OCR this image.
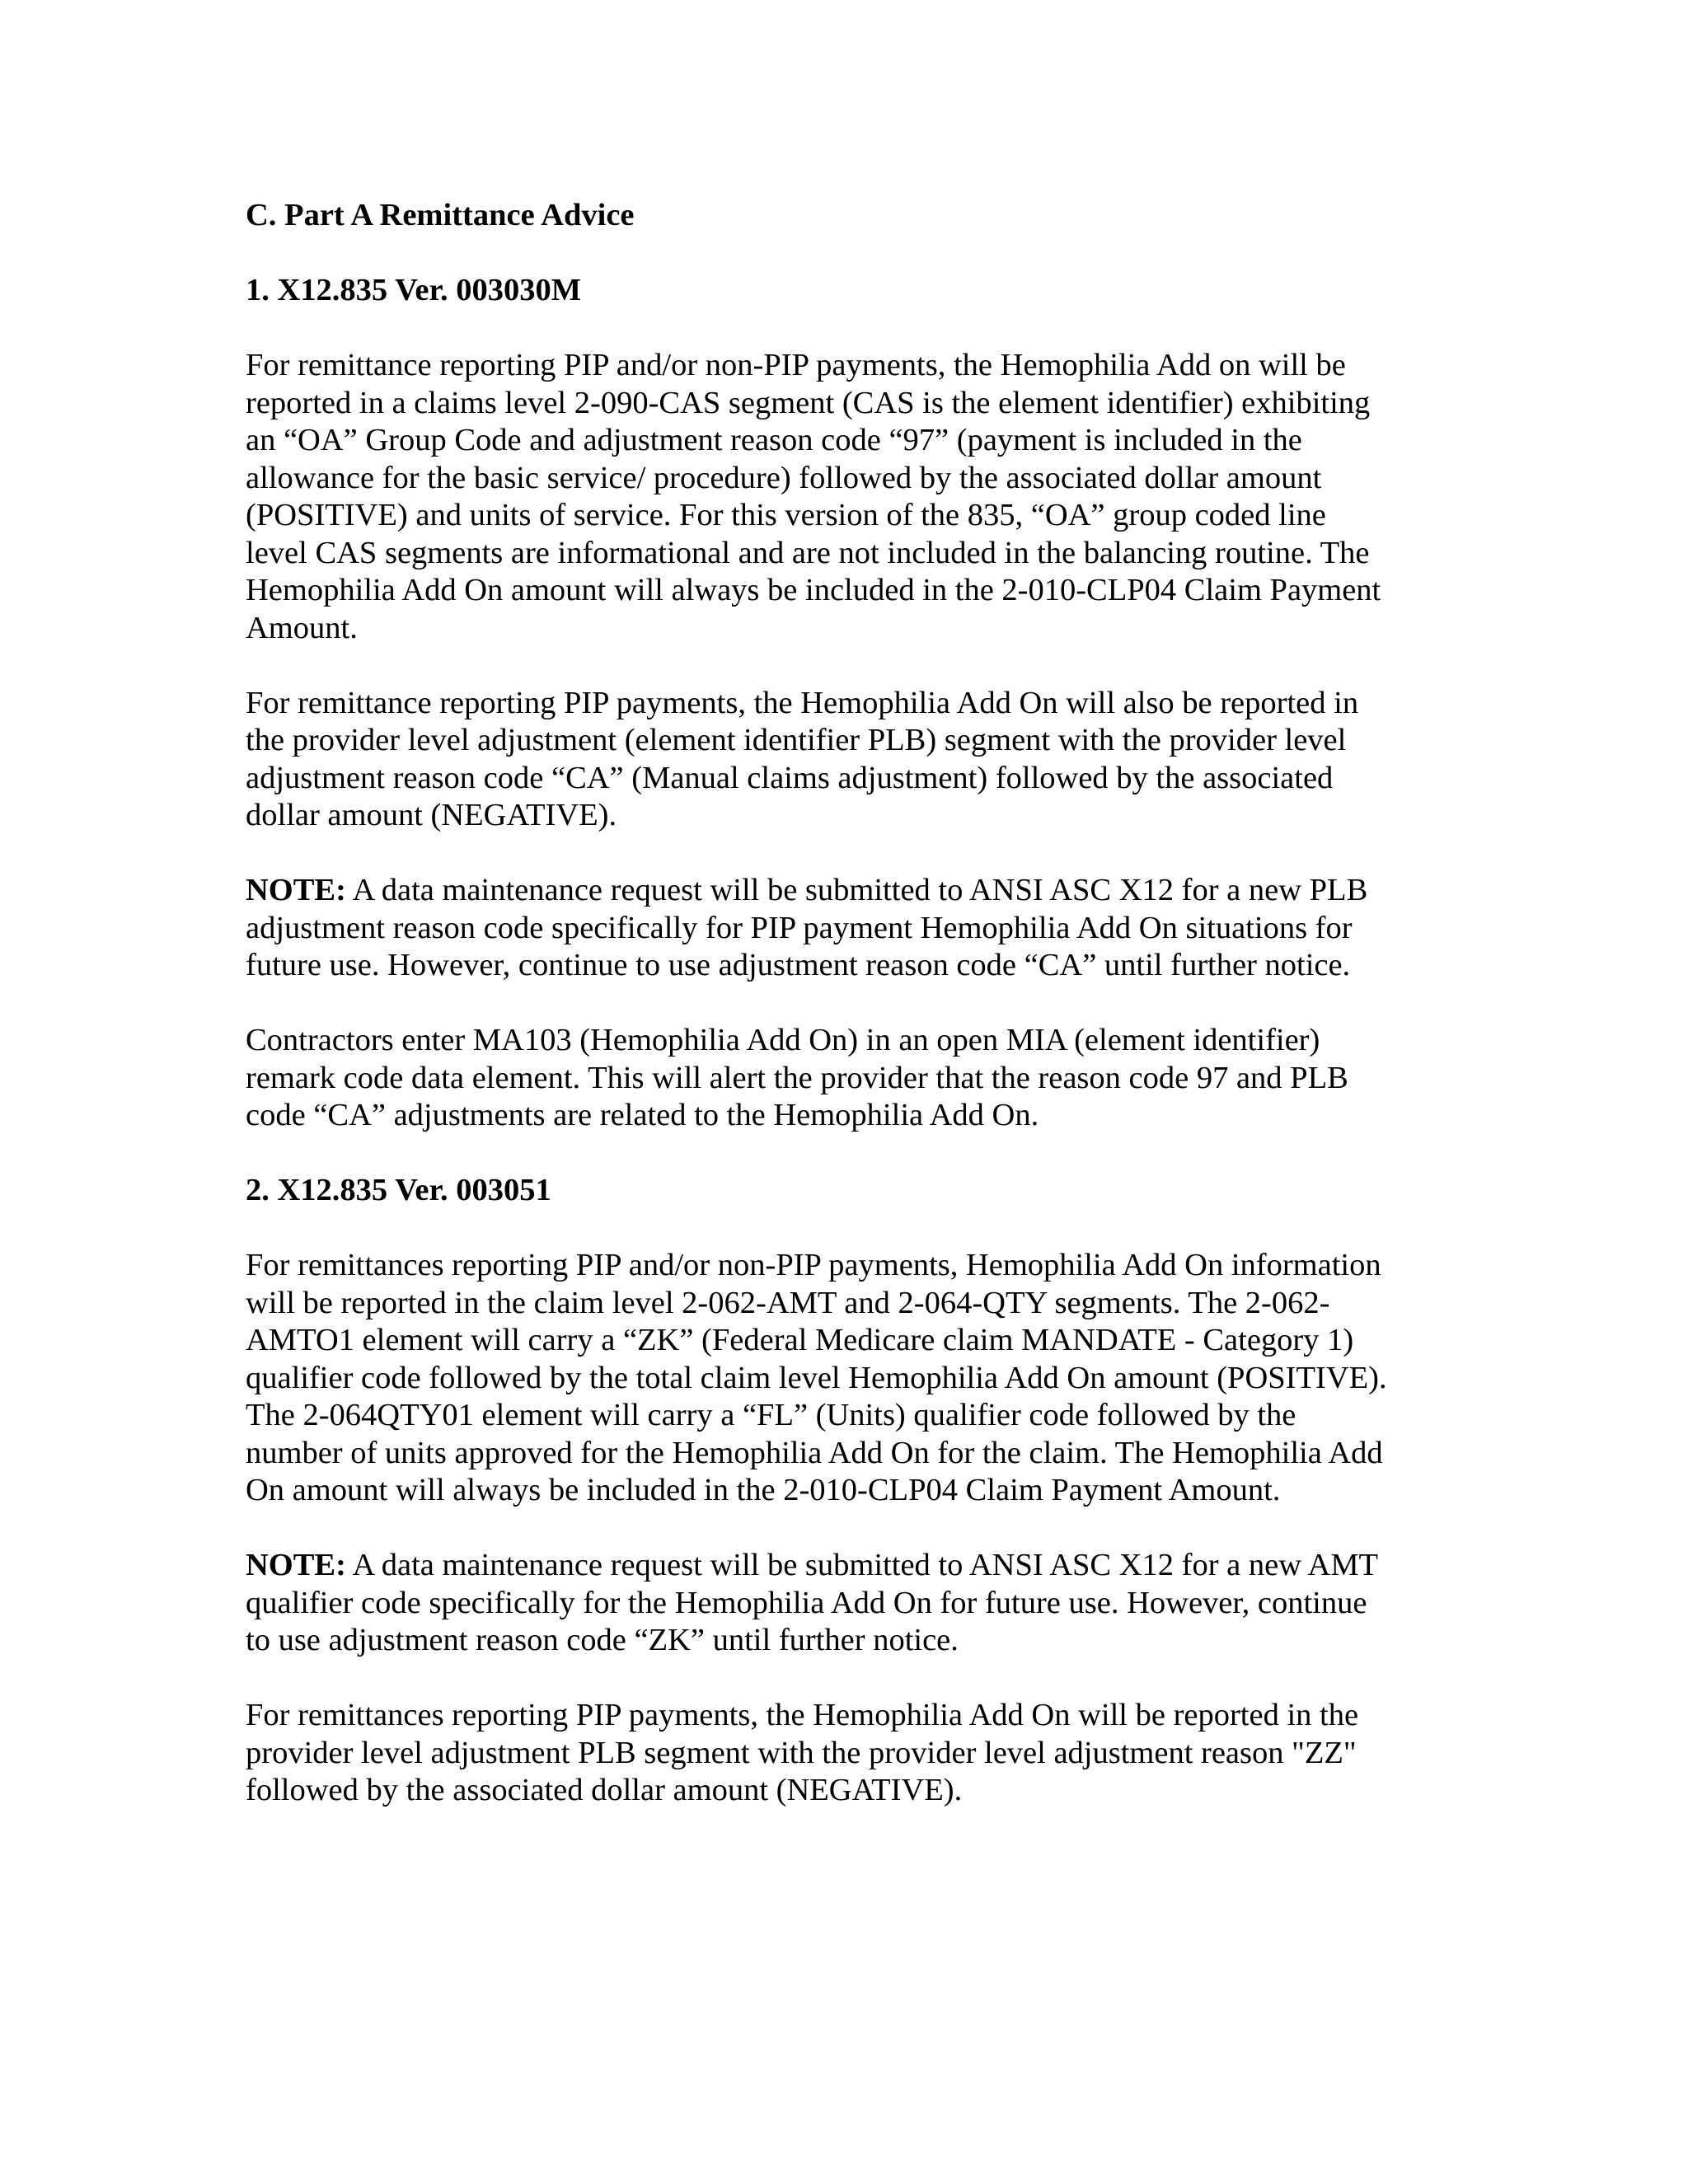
C. Part A Remittance Advice
1. X12.835 Ver. 003030M
For remittance reporting PIP and/or non-PIP payments, the Hemophilia Add on will be
reported in a claims level 2-090-CAS segment (CAS is the element identifier) exhibiting
an “OA” Group Code and adjustment reason code “97” (payment is included in the
allowance for the basic service/ procedure) followed by the associated dollar amount
(POSITIVE) and units of service. For this version of the 835, “OA” group coded line
level CAS segments are informational and are not included in the balancing routine. The
Hemophilia Add On amount will always be included in the 2-010-CLP04 Claim Payment
Amount.
For remittance reporting PIP payments, the Hemophilia Add On will also be reported in
the provider level adjustment (element identifier PLB) segment with the provider level
adjustment reason code “CA” (Manual claims adjustment) followed by the associated
dollar amount (NEGATIVE).
NOTE: A data maintenance request will be submitted to ANSI ASC X12 for a new PLB
adjustment reason code specifically for PIP payment Hemophilia Add On situations for
future use. However, continue to use adjustment reason code “CA” until further notice.
Contractors enter MA103 (Hemophilia Add On) in an open MIA (element identifier)
remark code data element. This will alert the provider that the reason code 97 and PLB
code “CA” adjustments are related to the Hemophilia Add On.
2. X12.835 Ver. 003051
For remittances reporting PIP and/or non-PIP payments, Hemophilia Add On information
will be reported in the claim level 2-062-AMT and 2-064-QTY segments. The 2-062-
AMTO1 element will carry a “ZK” (Federal Medicare claim MANDATE - Category 1)
qualifier code followed by the total claim level Hemophilia Add On amount (POSITIVE).
The 2-064QTY01 element will carry a “FL” (Units) qualifier code followed by the
number of units approved for the Hemophilia Add On for the claim. The Hemophilia Add
On amount will always be included in the 2-010-CLP04 Claim Payment Amount.
NOTE: A data maintenance request will be submitted to ANSI ASC X12 for a new AMT
qualifier code specifically for the Hemophilia Add On for future use. However, continue
to use adjustment reason code “ZK” until further notice.
For remittances reporting PIP payments, the Hemophilia Add On will be reported in the
provider level adjustment PLB segment with the provider level adjustment reason "ZZ"
followed by the associated dollar amount (NEGATIVE).
